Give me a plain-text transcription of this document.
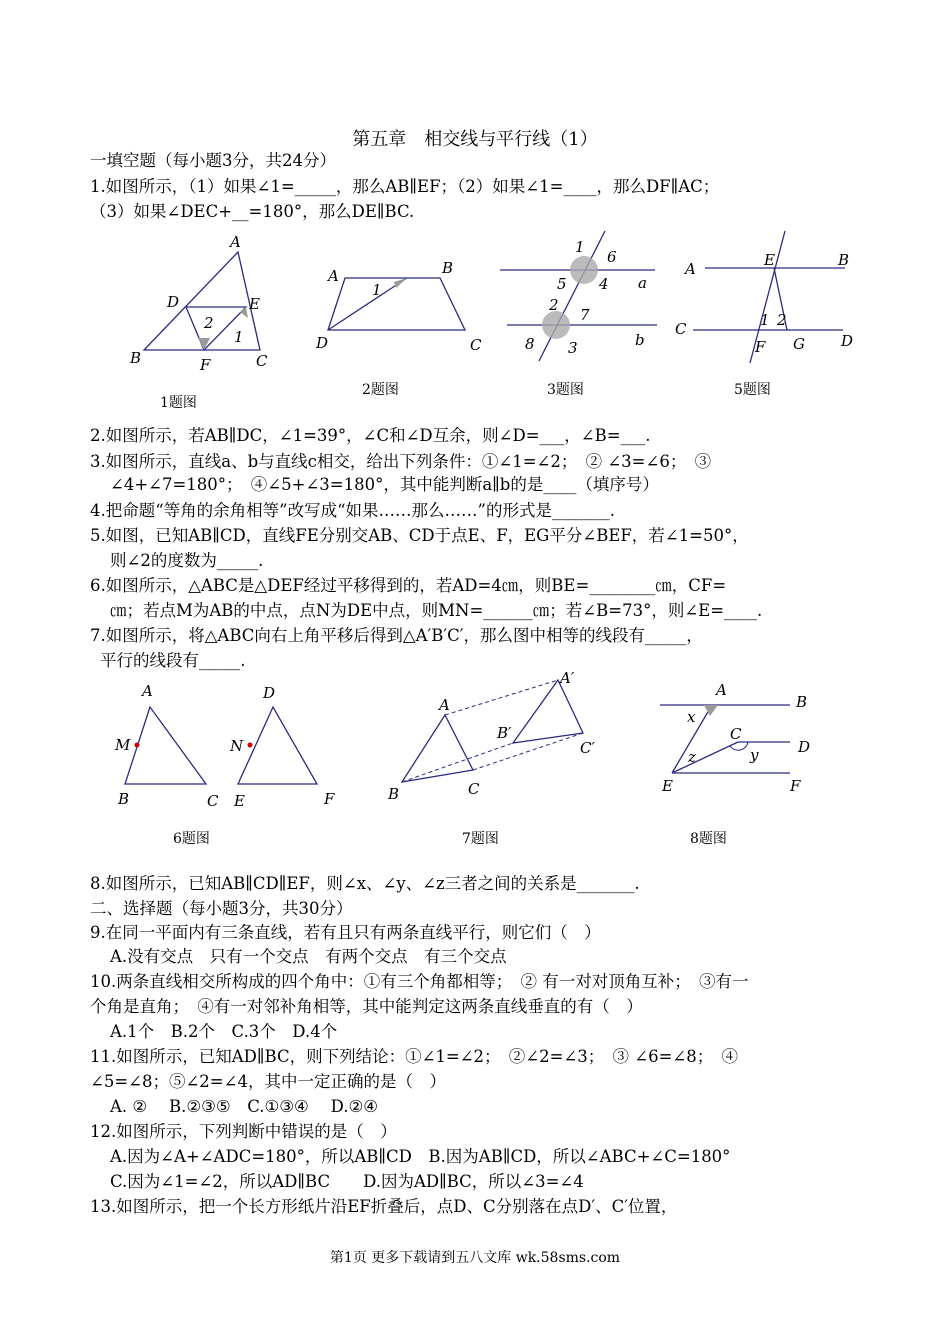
第五章　相交线与平行线（1）
一填空题（每小题3分，共24分）
1.如图所示，（1）如果∠1=_____，那么AB∥EF；（2）如果∠1=____，那么DF∥AC；
（3）如果∠DEC+__=180°，那么DE∥BC.
A
D	E
B	F	C
2
1
A	B
1
D	C
1
6
5 4 a
2
7
8 3	b
A	E	B
C	1 2
F G D
1题图
2题图	3题图	5题图
2.如图所示，若AB∥DC，∠1=39°，∠C和∠D互余，则∠D=___，∠B=___.
3.如图所示，直线a、b与直线c相交，给出下列条件：①∠1=∠2；　② ∠3=∠6；　③
∠4+∠7=180°；　④∠5+∠3=180°，其中能判断a∥b的是____（填序号）
4.把命题“等角的余角相等”改写成“如果……那么……”的形式是_______.
5.如图，已知AB∥CD，直线FE分别交AB、CD于点E、F，EG平分∠BEF，若∠1=50°，
则∠2的度数为_____.
6.如图所示，△ABC是△DEF经过平移得到的，若AD=4㎝，则BE=________㎝，CF=
㎝；若点M为AB的中点，点N为DE中点，则MN=______㎝；若∠B=73°，则∠E=____.
7.如图所示，将△ABC向右上角平移后得到△A′B′C′，那么图中相等的线段有_____，
平行的线段有_____.
A
M
B	C
D
N
E	F
A′
A
B′
C′
B	C
A
B
x
C
D
z	y
E	F
6题图	7题图	8题图
8.如图所示，已知AB∥CD∥EF，则∠x、∠y、∠z三者之间的关系是_______.
二、选择题（每小题3分，共30分）
9.在同一平面内有三条直线，若有且只有两条直线平行，则它们（　）
A.没有交点　只有一个交点　有两个交点　有三个交点
10.两条直线相交所构成的四个角中：①有三个角都相等；　② 有一对对顶角互补；　③有一
个角是直角；　④有一对邻补角相等，其中能判定这两条直线垂直的有（　）
A.1个　B.2个　C.3个　D.4个
11.如图所示，已知AD∥BC，则下列结论：①∠1=∠2；　②∠2=∠3；　③ ∠6=∠8；　④
∠5=∠8；⑤∠2=∠4，其中一定正确的是（　）
A. ②　 B.②③⑤　C.①③④　 D.②④
12.如图所示，下列判断中错误的是（　）
A.因为∠A+∠ADC=180°，所以AB∥CD　B.因为AB∥CD，所以∠ABC+∠C=180°
C.因为∠1=∠2，所以AD∥BC　　D.因为AD∥BC，所以∠3=∠4
13.如图所示，把一个长方形纸片沿EF折叠后，点D、C分别落在点D′、C′位置，
第1页 更多下载请到五八文库 wk.58sms.com
